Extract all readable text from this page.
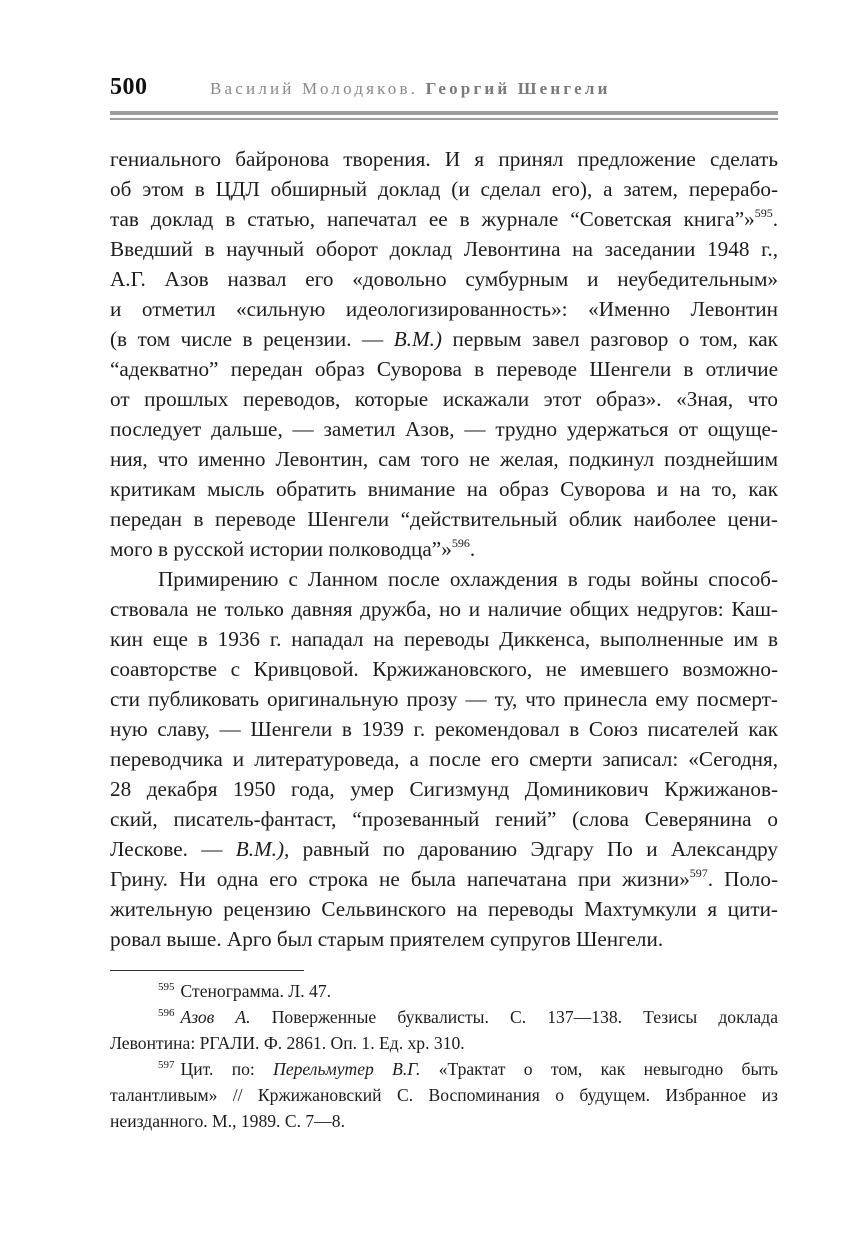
500	Василий Молодяков. Георгий Шенгели
гениального байронова творения. И я принял предложение сделать
об этом в ЦДЛ обширный доклад (и сделал его), а затем, перерабо-
тав доклад в статью, напечатал ее в журнале “Советская книга”»$^{595}$.
Введший в научный оборот доклад Левонтина на заседании 1948 г.,
А.Г. Азов назвал его «довольно сумбурным и неубедительным»
и отметил «сильную идеологизированность»: «Именно Левонтин
(в том числе в рецензии. — В.М.) первым завел разговор о том, как
“адекватно” передан образ Суворова в переводе Шенгели в отличие
от прошлых переводов, которые искажали этот образ». «Зная, что
последует дальше, — заметил Азов, — трудно удержаться от ощуще-
ния, что именно Левонтин, сам того не желая, подкинул позднейшим
критикам мысль обратить внимание на образ Суворова и на то, как
передан в переводе Шенгели “действительный облик наиболее цени-
мого в русской истории полководца”»$^{596}$.
Примирению с Ланном после охлаждения в годы войны способ-
ствовала не только давняя дружба, но и наличие общих недругов: Каш-
кин еще в 1936 г. нападал на переводы Диккенса, выполненные им в
соавторстве с Кривцовой. Кржижановского, не имевшего возможно-
сти публиковать оригинальную прозу — ту, что принесла ему посмерт-
ную славу, — Шенгели в 1939 г. рекомендовал в Союз писателей как
переводчика и литературоведа, а после его смерти записал: «Сегодня,
28 декабря 1950 года, умер Сигизмунд Доминикович Кржижанов-
ский, писатель-фантаст, “прозеванный гений” (слова Северянина о
Лескове. — В.М.), равный по дарованию Эдгару По и Александру
Грину. Ни одна его строка не была напечатана при жизни»$^{597}$. Поло-
жительную рецензию Сельвинского на переводы Махтумкули я цити-
ровал выше. Арго был старым приятелем супругов Шенгели.
$^{595}$ Стенограмма. Л. 47.
$^{596}$ Азов А. Поверженные буквалисты. С. 137—138. Тезисы доклада
Левонтина: РГАЛИ. Ф. 2861. Оп. 1. Ед. хр. 310.
$^{597}$ Цит. по: Перельмутер В.Г. «Трактат о том, как невыгодно быть
талантливым» // Кржижановский С. Воспоминания о будущем. Избранное из
неизданного. М., 1989. С. 7—8.
